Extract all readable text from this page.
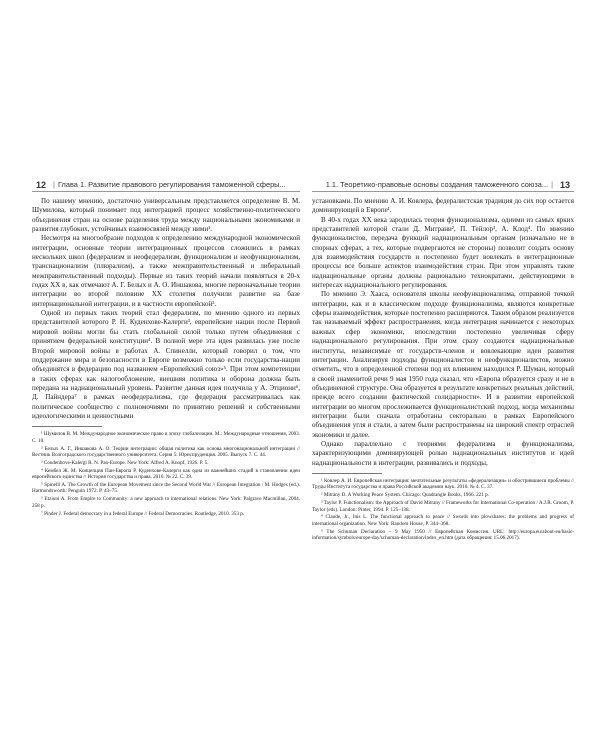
12 | Глава 1. Развитие правового регулирования таможенной сферы...

По нашему мнению, достаточно универсальным представляется определение В. М. Шумилова, который понимает под интеграцией процесс хозяйственно-политического объединения стран на основе разделения труда между национальными экономиками и развития глубоких, устойчивых взаимосвязей между ними¹.

Несмотря на многообразие подходов к определению международной экономической интеграции, основные теории интеграционных процессов сложились в рамках нескольких школ (федерализм и неофедерализм, функционализм и неофункционализм, транснационализм (плюрализм), а также межправительственный и либеральный межправительственный подходы). Первые из таких теорий начали появляться в 20-х годах XX в, как отмечают А. Г. Белых и А. О. Иншакова, многие первоначальные теории интеграции во второй половине XX столетия получили развитие на базе интернациональной интеграции, и в частности европейской².

Одной из первых таких теорий стал федерализм, по мнению одного из первых представителей которого Р. Н. Куденхове-Калерги³, европейские нации после Первой мировой войны могли бы стать глобальной силой только путем объединения с принятием федеральной конституции⁴. В полной мере эта идея развилась уже после Второй мировой войны в работах А. Спинелли, который говорил о том, что поддержание мира и безопасности в Европе возможно только если государства-нации объединятся в федерацию под названием «Европейский союз»⁵. При этом компетенции в таких сферах как налогообложение, внешняя политика и оборона должна быть передана на наднациональный уровень. Развитие данная идея получила у А. Этциони⁶, Д. Пайндера⁷ в рамках неофедерализма, где федерация рассматривалась как политическое сообщество с полномочиями по принятию решений и собственными идеологическими и ценностными

¹ Шумилов В. М. Международное экономическое право в эпоху глобализации. М.: Международные отношения, 2003. С. 10.

² Белых А. Г., Иншакова А. О. Теории интеграции: общая политика как основа многонациональной интеграции // Вестник Волгоградского государственного университета. Серия 5: Юриспруденция. 2005. Выпуск 7. С. 44.

³ Coudenhove-Kalergi R. N. Pan-Europe. New York: Alfred A. Knopf, 1926. P. 5.

⁴ Кембел Ж. М. Концепция Пан-Европа Р. Куденхове-Калерги как одна из важнейших стадий в становлении идеи европейского единства // История государства и права. 2010. № 22. С. 39.

⁵ Spinelli A. The Growth of the European Movement since the Second World War // European Integration / M. Hodges (ed.). Harmondsworth: Penguin 1972. P. 43–75.

⁶ Etzioni A. From Empire to Community: a new approach to international relations. New York: Palgrave Macmillan, 2004. 258 p.

⁷ Pinder J. Federal democracy in a federal Europe // Federal Democracies. Routledge, 2010. 353 p.

1.1. Теоретико-правовые основы создания таможенного союза... | 13

установками. По мнению А. И. Ковлера, федералистская традиция до сих пор остается доминирующей в Европе¹.

В 40-х годах XX века зародилась теория функционализма, одними из самых ярких представителей которой стали Д. Митрани², П. Тейлор³, А. Клод⁴. По мнению функционалистов, передача функций наднациональным органам (изначально не в спорных сферах, а тех, которые подвергаются не стороны) позволит создать основу для взаимодействия государств и постепенно будет вовлекать в интеграционные процессы все больше аспектов взаимодействия стран. При этом управлять такие наднациональные органы должны рационально технократами, действующими в интересах наднационального регулирования.

По мнению Э. Хааса, основателя школы неофункционализма, отправной точкой интеграции, как и в классическом подходе функционализма, являются конкретные сферы взаимодействия, которые постепенно расширяются. Таким образом реализуется так называемый эффект распространения, когда интеграция начинается с некоторых важных сфер экономики, впоследствии постепенно увеличивая сферу наднационального регулирования. При этом сразу создаются наднациональные институты, независимые от государств-членов и вовлекающие идеи развития интеграции. Анализируя подходы функционалистов и неофункционалистов, можно отметить, что в определенной степени под их влиянием находился Р. Шуман, который в своей знаменитой речи 9 мая 1950 года сказал, что «Европа образуется сразу и не в объединенной структуре. Она образуется в результате конкретных реальных действий, прежде всего создании фактической солидарности». И в развитии европейской интеграции во многом прослеживается функционалистский подход, когда механизмы интеграции были сначала отработаны секторально в рамках Европейского объединения угля и стали, а затем были распространены на широкий спектр отраслей экономики и далее.

Однако параллельно с теориями федерализма и функционализма, характеризующими доминирующей ролью наднациональных институтов и идей наднациональности в интеграции, развивались и подходы,

¹ Ковлер А. И. Европейская интеграция: мечтательные результаты «федерализации» и обострившиеся проблемы // Труды Института государства и права Российской академии наук. 2016. № 4. С. 37.

² Mitrany D. A Working Peace System. Chicago: Quadrangle Books, 1966. 221 p.

³ Taylor P. Functionalism: the Approach of David Mitrany // Frameworks for International Co-operation / A.J.R. Groom, P. Taylor (eds). London: Pinter, 1994. P. 125–138.

⁴ Claude, Jr., Inis L. The functional approach to peace // Swords into plowshares: the problems and progress of international organization. New York: Random House, P. 344–368.

⁵ The Schuman Declaration – 9 May 1950 // Европейская Комиссия. URL: http://europa.eu/about-eu/basic-information/symbols/europe-day/schuman-declaration/index_en.htm (дата обращения: 15.06.2017).
